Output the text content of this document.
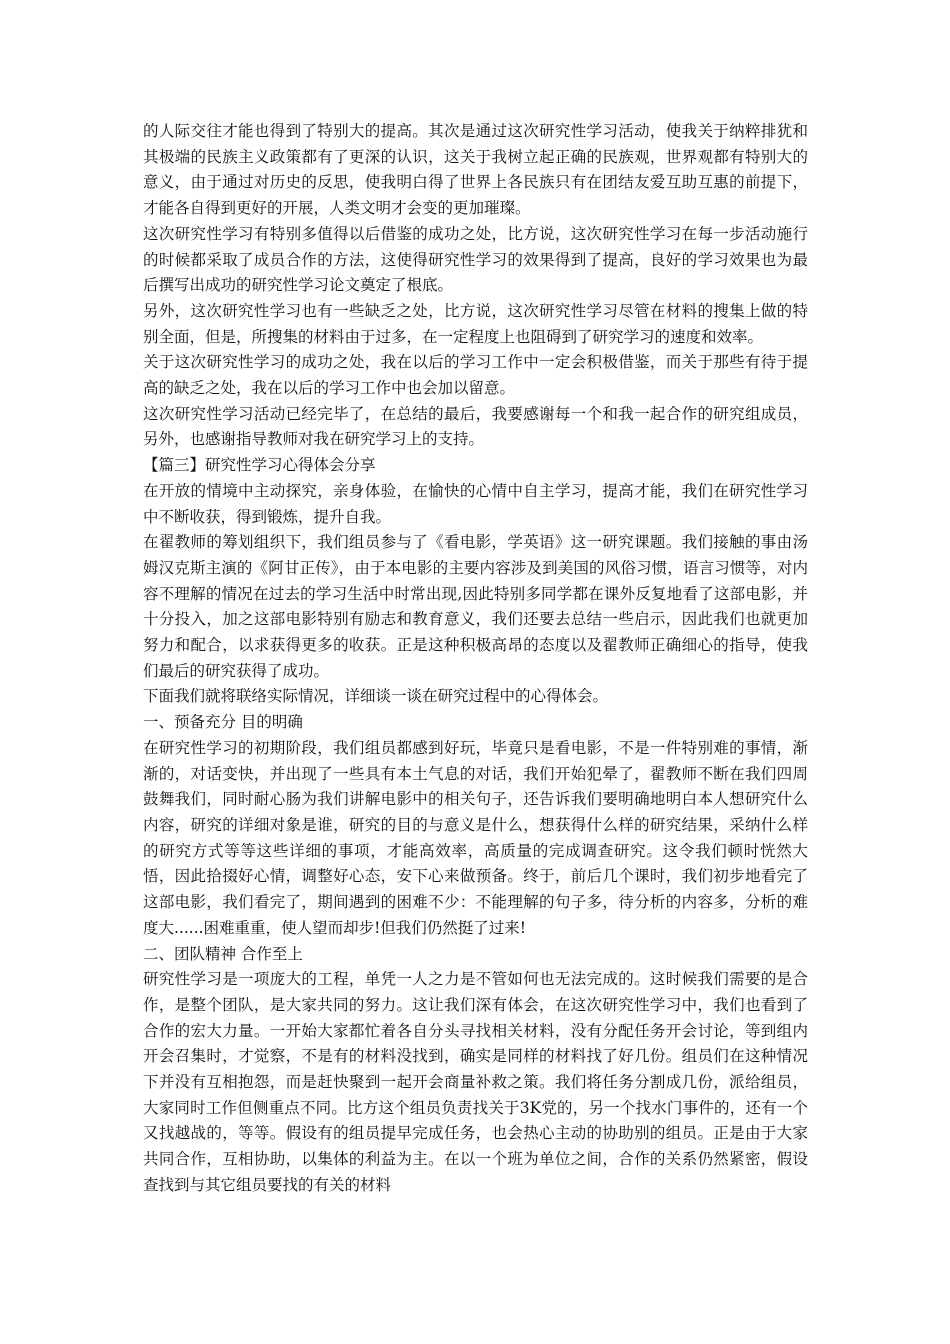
的人际交往才能也得到了特别大的提高。其次是通过这次研究性学习活动，使我关于纳粹排犹和其极端的民族主义政策都有了更深的认识，这关于我树立起正确的民族观，世界观都有特别大的意义，由于通过对历史的反思，使我明白得了世界上各民族只有在团结友爱互助互惠的前提下，才能各自得到更好的开展，人类文明才会变的更加璀璨。

这次研究性学习有特别多值得以后借鉴的成功之处，比方说，这次研究性学习在每一步活动施行的时候都采取了成员合作的方法，这使得研究性学习的效果得到了提高，良好的学习效果也为最后撰写出成功的研究性学习论文奠定了根底。

另外，这次研究性学习也有一些缺乏之处，比方说，这次研究性学习尽管在材料的搜集上做的特别全面，但是，所搜集的材料由于过多，在一定程度上也阻碍到了研究学习的速度和效率。

关于这次研究性学习的成功之处，我在以后的学习工作中一定会积极借鉴，而关于那些有待于提高的缺乏之处，我在以后的学习工作中也会加以留意。

这次研究性学习活动已经完毕了，在总结的最后，我要感谢每一个和我一起合作的研究组成员，另外，也感谢指导教师对我在研究学习上的支持。

【篇三】研究性学习心得体会分享

在开放的情境中主动探究，亲身体验，在愉快的心情中自主学习，提高才能，我们在研究性学习中不断收获，得到锻炼，提升自我。

在翟教师的筹划组织下，我们组员参与了《看电影，学英语》这一研究课题。我们接触的事由汤姆汉克斯主演的《阿甘正传》，由于本电影的主要内容涉及到美国的风俗习惯，语言习惯等，对内容不理解的情况在过去的学习生活中时常出现,因此特别多同学都在课外反复地看了这部电影，并十分投入，加之这部电影特别有励志和教育意义，我们还要去总结一些启示，因此我们也就更加努力和配合，以求获得更多的收获。正是这种积极高昂的态度以及翟教师正确细心的指导，使我们最后的研究获得了成功。

下面我们就将联络实际情况，详细谈一谈在研究过程中的心得体会。

一、预备充分 目的明确

在研究性学习的初期阶段，我们组员都感到好玩，毕竟只是看电影，不是一件特别难的事情，渐渐的，对话变快，并出现了一些具有本土气息的对话，我们开始犯晕了，翟教师不断在我们四周鼓舞我们，同时耐心肠为我们讲解电影中的相关句子，还告诉我们要明确地明白本人想研究什么内容，研究的详细对象是谁，研究的目的与意义是什么，想获得什么样的研究结果，采纳什么样的研究方式等等这些详细的事项，才能高效率，高质量的完成调查研究。这令我们顿时恍然大悟，因此拾掇好心情，调整好心态，安下心来做预备。终于，前后几个课时，我们初步地看完了这部电影，我们看完了，期间遇到的困难不少：不能理解的句子多，待分析的内容多，分析的难度大......困难重重，使人望而却步!但我们仍然挺了过来!

二、团队精神 合作至上

研究性学习是一项庞大的工程，单凭一人之力是不管如何也无法完成的。这时候我们需要的是合作，是整个团队，是大家共同的努力。这让我们深有体会，在这次研究性学习中，我们也看到了合作的宏大力量。一开始大家都忙着各自分头寻找相关材料，没有分配任务开会讨论，等到组内开会召集时，才觉察，不是有的材料没找到，确实是同样的材料找了好几份。组员们在这种情况下并没有互相抱怨，而是赶快聚到一起开会商量补救之策。我们将任务分割成几份，派给组员，大家同时工作但侧重点不同。比方这个组员负责找关于3K党的，另一个找水门事件的，还有一个又找越战的，等等。假设有的组员提早完成任务，也会热心主动的协助别的组员。正是由于大家共同合作，互相协助，以集体的利益为主。在以一个班为单位之间，合作的关系仍然紧密，假设查找到与其它组员要找的有关的材料
